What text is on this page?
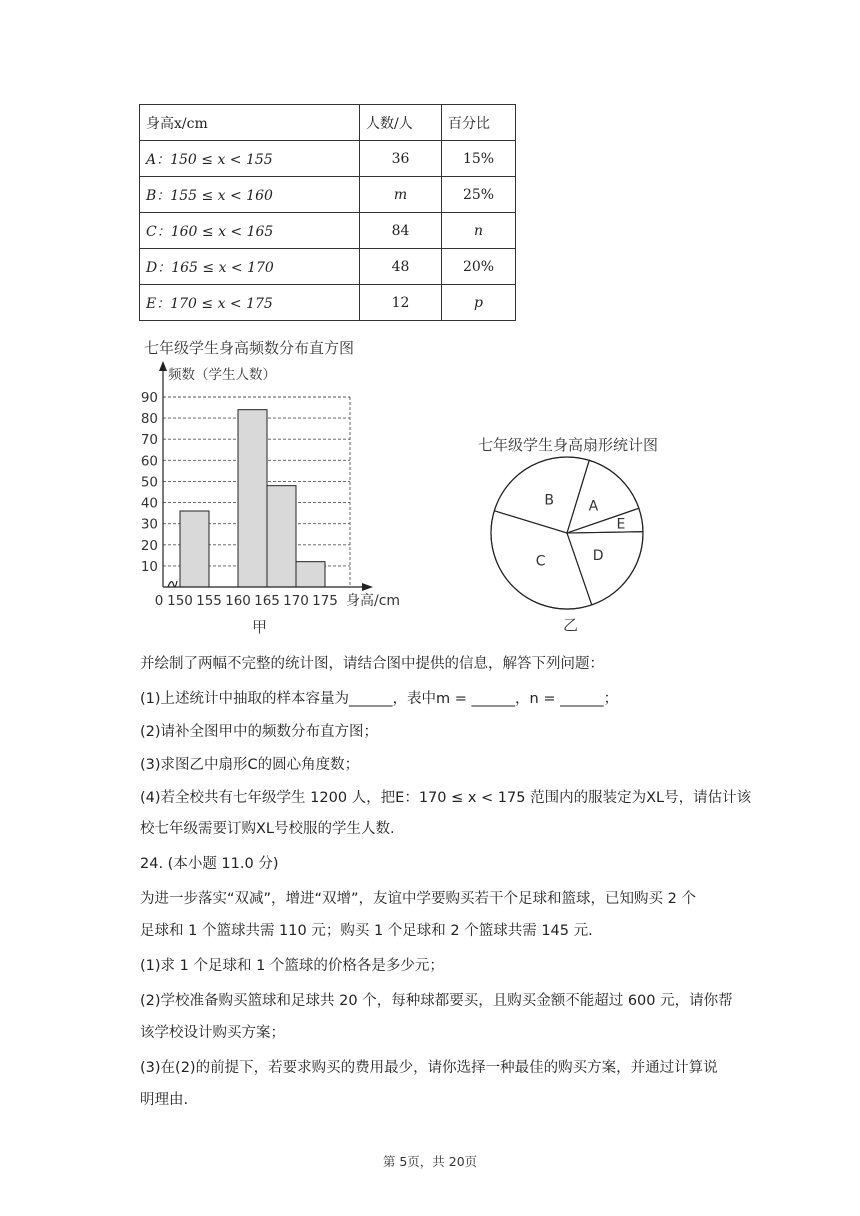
身高x/cm	人数/人	百分比
A：150 ≤ x < 155	36	15%
B：155 ≤ x < 160	m	25%
C：160 ≤ x < 165	84	n
D：165 ≤ x < 170	48	20%
E：170 ≤ x < 175	12	p
七年级学生身高频数分布直方图
频数（学生人数）
10
20
30
40
50
60
70
80
90
0 150 155 160 165 170 175 身高/cm
甲
七年级学生身高扇形统计图
A
E
D
C
B
乙
并绘制了两幅不完整的统计图，请结合图中提供的信息，解答下列问题：
(1)上述统计中抽取的样本容量为______，表中m = ______，n = ______；
(2)请补全图甲中的频数分布直方图；
(3)求图乙中扇形C的圆心角度数；
(4)若全校共有七年级学生 1200 人，把E：170 ≤ x < 175 范围内的服装定为XL号，请估计该
校七年级需要订购XL号校服的学生人数.
24. (本小题 11.0 分)
为进一步落实“双减”，增进“双增”，友谊中学要购买若干个足球和篮球，已知购买 2 个
足球和 1 个篮球共需 110 元；购买 1 个足球和 2 个篮球共需 145 元.
(1)求 1 个足球和 1 个篮球的价格各是多少元；
(2)学校准备购买篮球和足球共 20 个，每种球都要买，且购买金额不能超过 600 元，请你帮
该学校设计购买方案；
(3)在(2)的前提下，若要求购买的费用最少，请你选择一种最佳的购买方案，并通过计算说
明理由.
第 5页，共 20页
